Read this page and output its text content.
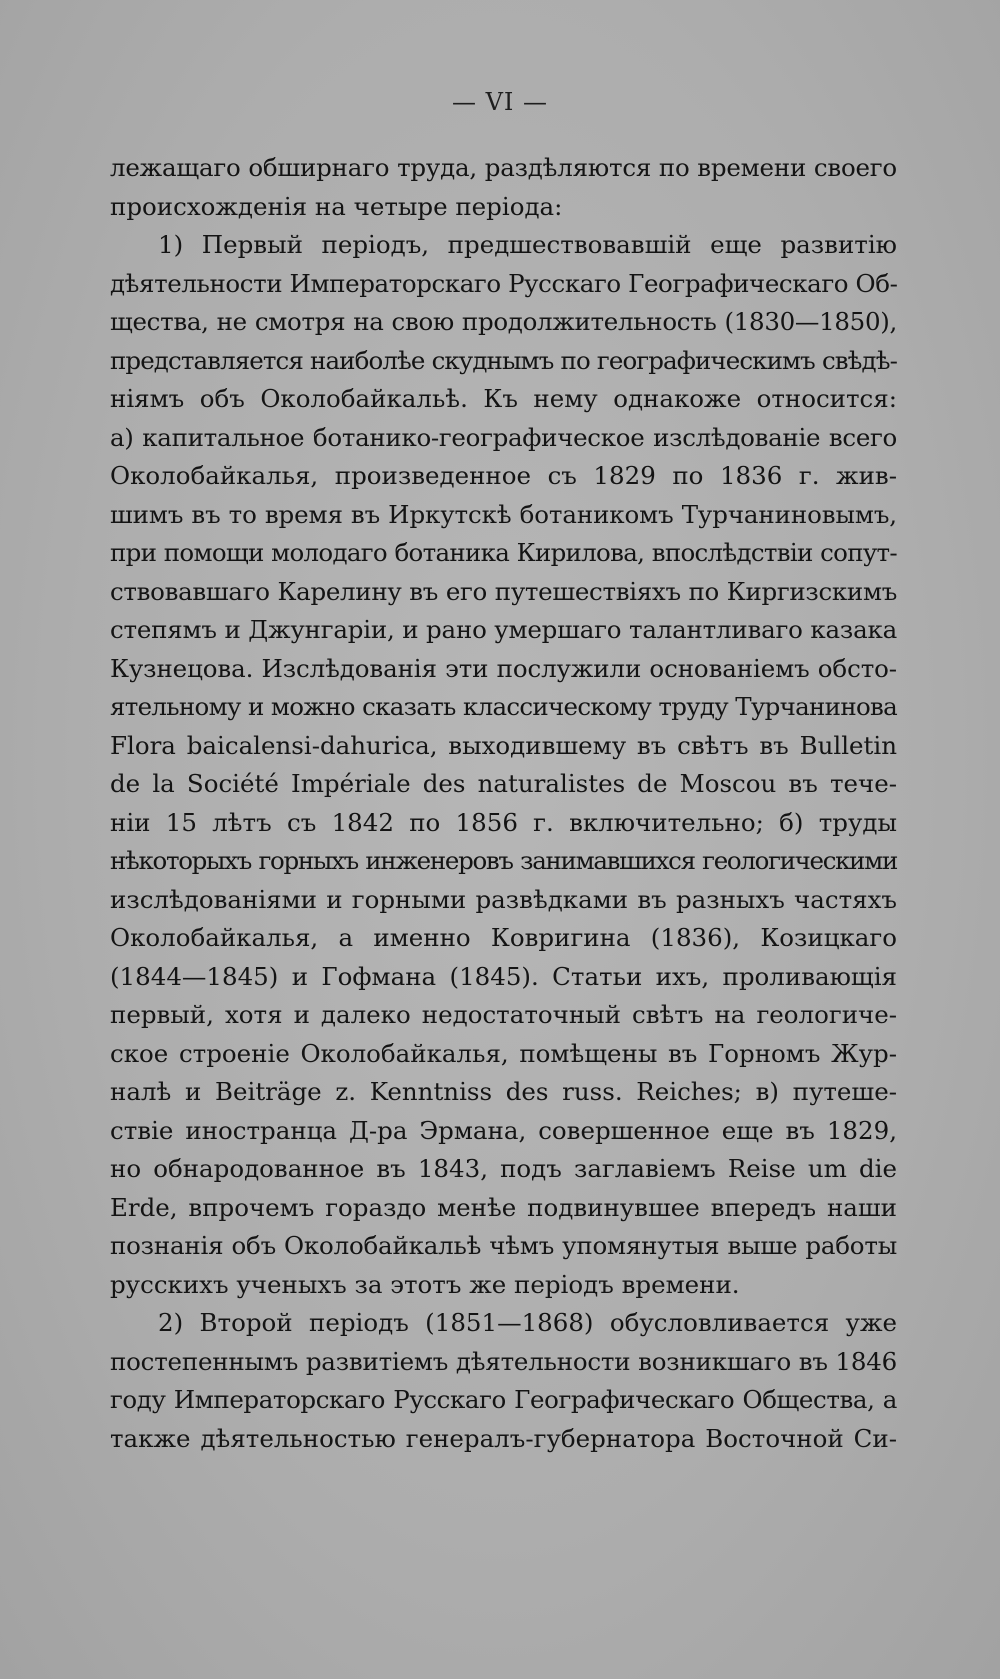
— VI —
лежащаго обширнаго труда, раздѣляются по времени своего
происхожденія на четыре періода:
1) Первый періодъ, предшествовавшій еще развитію
дѣятельности Императорскаго Русскаго Географическаго Об-
щества, не смотря на свою продолжительность (1830—1850),
представляется наиболѣе скуднымъ по географическимъ свѣдѣ-
ніямъ объ Околобайкальѣ. Къ нему однакоже относится:
а) капитальное ботанико-географическое изслѣдованіе всего
Околобайкалья, произведенное съ 1829 по 1836 г. жив-
шимъ въ то время въ Иркутскѣ ботаникомъ Турчаниновымъ,
при помощи молодаго ботаника Кирилова, впослѣдствіи сопут-
ствовавшаго Карелину въ его путешествіяхъ по Киргизскимъ
степямъ и Джунгаріи, и рано умершаго талантливаго казака
Кузнецова. Изслѣдованія эти послужили основаніемъ обсто-
ятельному и можно сказать классическому труду Турчанинова
Flora baicalensi-dahurica, выходившему въ свѣтъ въ Bulletin
de la Société Impériale des naturalistes de Moscou въ тече-
ніи 15 лѣтъ съ 1842 по 1856 г. включительно; б) труды
нѣкоторыхъ горныхъ инженеровъ занимавшихся геологическими
изслѣдованіями и горными развѣдками въ разныхъ частяхъ
Околобайкалья, а именно Ковригина (1836), Козицкаго
(1844—1845) и Гофмана (1845). Статьи ихъ, проливающія
первый, хотя и далеко недостаточный свѣтъ на геологиче-
ское строеніе Околобайкалья, помѣщены въ Горномъ Жур-
налѣ и Beiträge z. Kenntniss des russ. Reiches; в) путеше-
ствіе иностранца Д-ра Эрмана, совершенное еще въ 1829,
но обнародованное въ 1843, подъ заглавіемъ Reise um die
Erde, впрочемъ гораздо менѣе подвинувшее впередъ наши
познанія объ Околобайкальѣ чѣмъ упомянутыя выше работы
русскихъ ученыхъ за этотъ же періодъ времени.
2) Второй періодъ (1851—1868) обусловливается уже
постепеннымъ развитіемъ дѣятельности возникшаго въ 1846
году Императорскаго Русскаго Географическаго Общества, а
также дѣятельностью генералъ-губернатора Восточной Си-
